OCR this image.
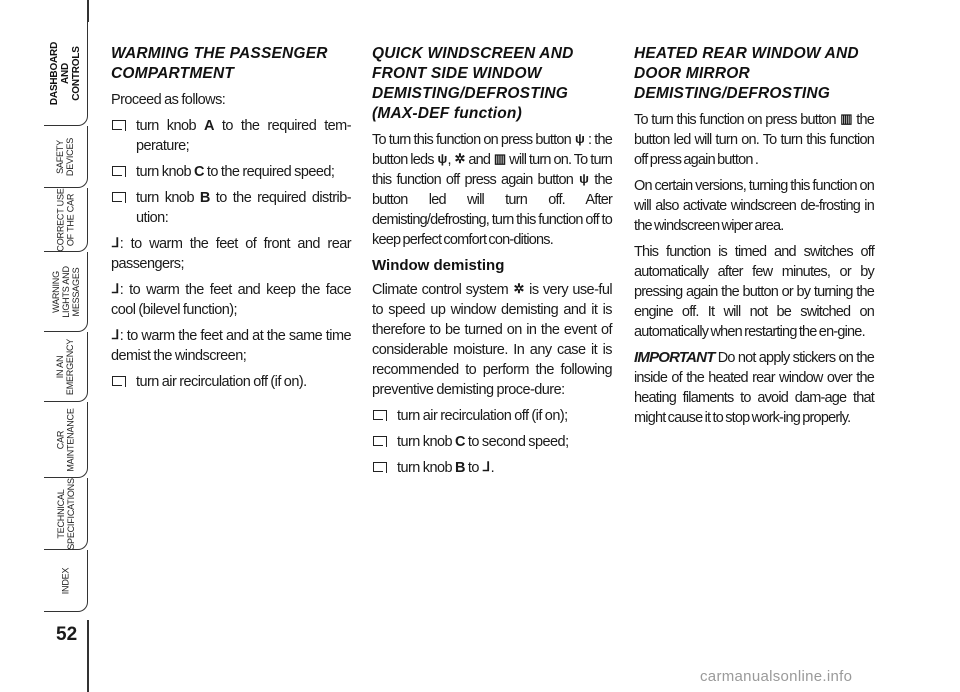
DASHBOARD
AND
CONTROLS
SAFETY
DEVICES
CORRECT USE
OF THE CAR
WARNING
LIGHTS AND
MESSAGES
IN AN
EMERGENCY
CAR
MAINTENANCE
TECHNICAL
SPECIFICATIONS
INDEX
52
WARMING THE PASSENGER COMPARTMENT

Proceed as follows:

turn knob A to the required tem-perature;
turn knob C to the required speed;
turn knob B to the required distrib-ution:

⅃: to warm the feet of front and rear passengers;

⅃: to warm the feet and keep the face cool (bilevel function);

⅃: to warm the feet and at the same time demist the windscreen;

turn air recirculation off (if on).
QUICK WINDSCREEN AND FRONT SIDE WINDOW DEMISTING/DEFROSTING (MAX-DEF function)

To turn this function on press button ψ : the button leds ψ, ✲ and ▥ will turn on. To turn this function off press again button ψ the button led will turn off. After demisting/defrosting, turn this function off to keep perfect comfort con-ditions.

Window demisting

Climate control system ✲ is very use-ful to speed up window demisting and it is therefore to be turned on in the event of considerable moisture. In any case it is recommended to perform the following preventive demisting proce-dure:

turn air recirculation off (if on);
turn knob C to second speed;
turn knob B to ⅃.
HEATED REAR WINDOW AND DOOR MIRROR DEMISTING/DEFROSTING

To turn this function on press button ▥ the button led will turn on. To turn this function off press again button .

On certain versions, turning this function on will also activate windscreen de-frosting in the windscreen wiper area.

This function is timed and switches off automatically after few minutes, or by pressing again the button or by turning the engine off. It will not be switched on automatically when restarting the en-gine.

IMPORTANT Do not apply stickers on the inside of the heated rear window over the heating filaments to avoid dam-age that might cause it to stop work-ing properly.

carmanualsonline.info
